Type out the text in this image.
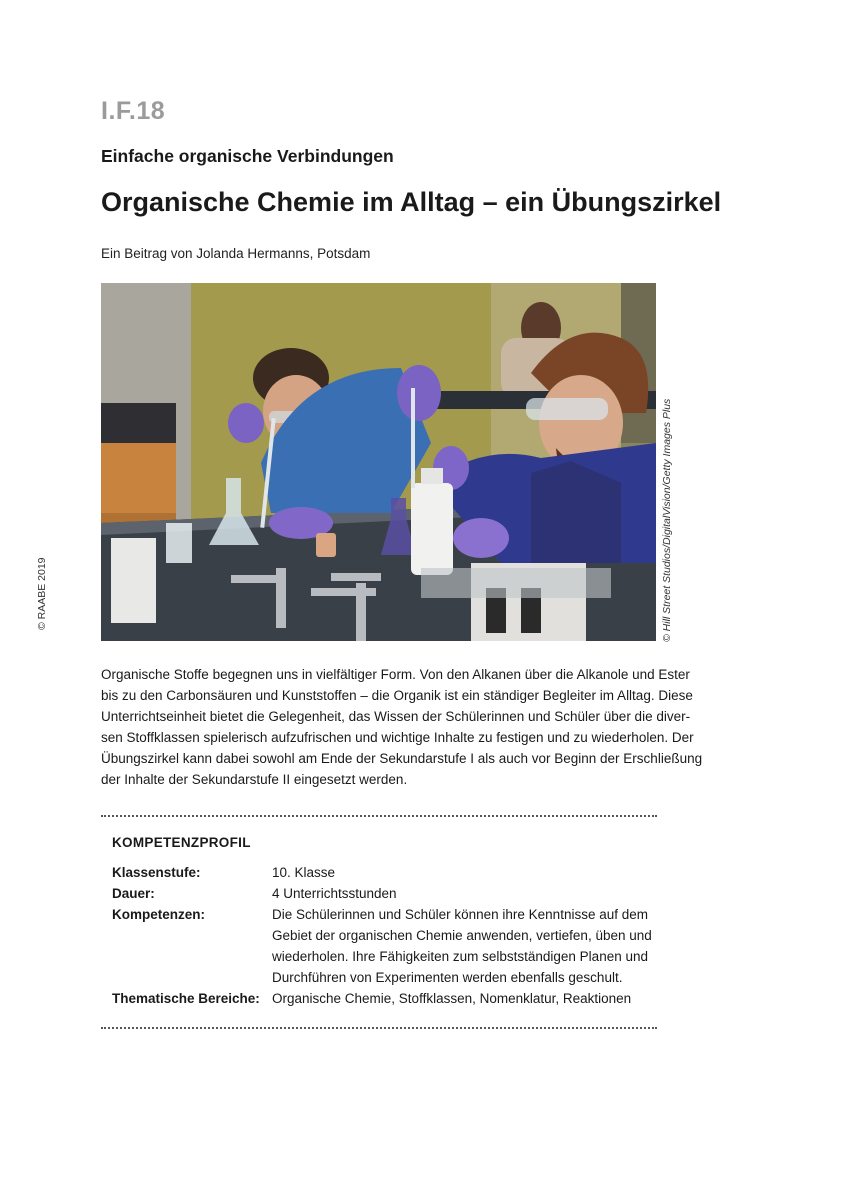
I.F.18
Einfache organische Verbindungen
Organische Chemie im Alltag – ein Übungszirkel
Ein Beitrag von Jolanda Hermanns, Potsdam
© Hill Street Studios/DigitalVision/Getty Images Plus
© RAABE 2019
Organische Stoffe begegnen uns in vielfältiger Form. Von den Alkanen über die Alkanole und Ester
bis zu den Carbonsäuren und Kunststoffen – die Organik ist ein ständiger Begleiter im Alltag. Diese
Unterrichtseinheit bietet die Gelegenheit, das Wissen der Schülerinnen und Schüler über die diver-
sen Stoffklassen spielerisch aufzufrischen und wichtige Inhalte zu festigen und zu wiederholen. Der
Übungszirkel kann dabei sowohl am Ende der Sekundarstufe I als auch vor Beginn der Erschließung
der Inhalte der Sekundarstufe II eingesetzt werden.
KOMPETENZPROFIL
Klassenstufe:	10. Klasse
Dauer:	4 Unterrichtsstunden
Kompetenzen:	Die Schülerinnen und Schüler können ihre Kenntnisse auf dem
Gebiet der organischen Chemie anwenden, vertiefen, üben und
wiederholen. Ihre Fähigkeiten zum selbstständigen Planen und
Durchführen von Experimenten werden ebenfalls geschult.
Thematische Bereiche: Organische Chemie, Stoffklassen, Nomenklatur, Reaktionen
